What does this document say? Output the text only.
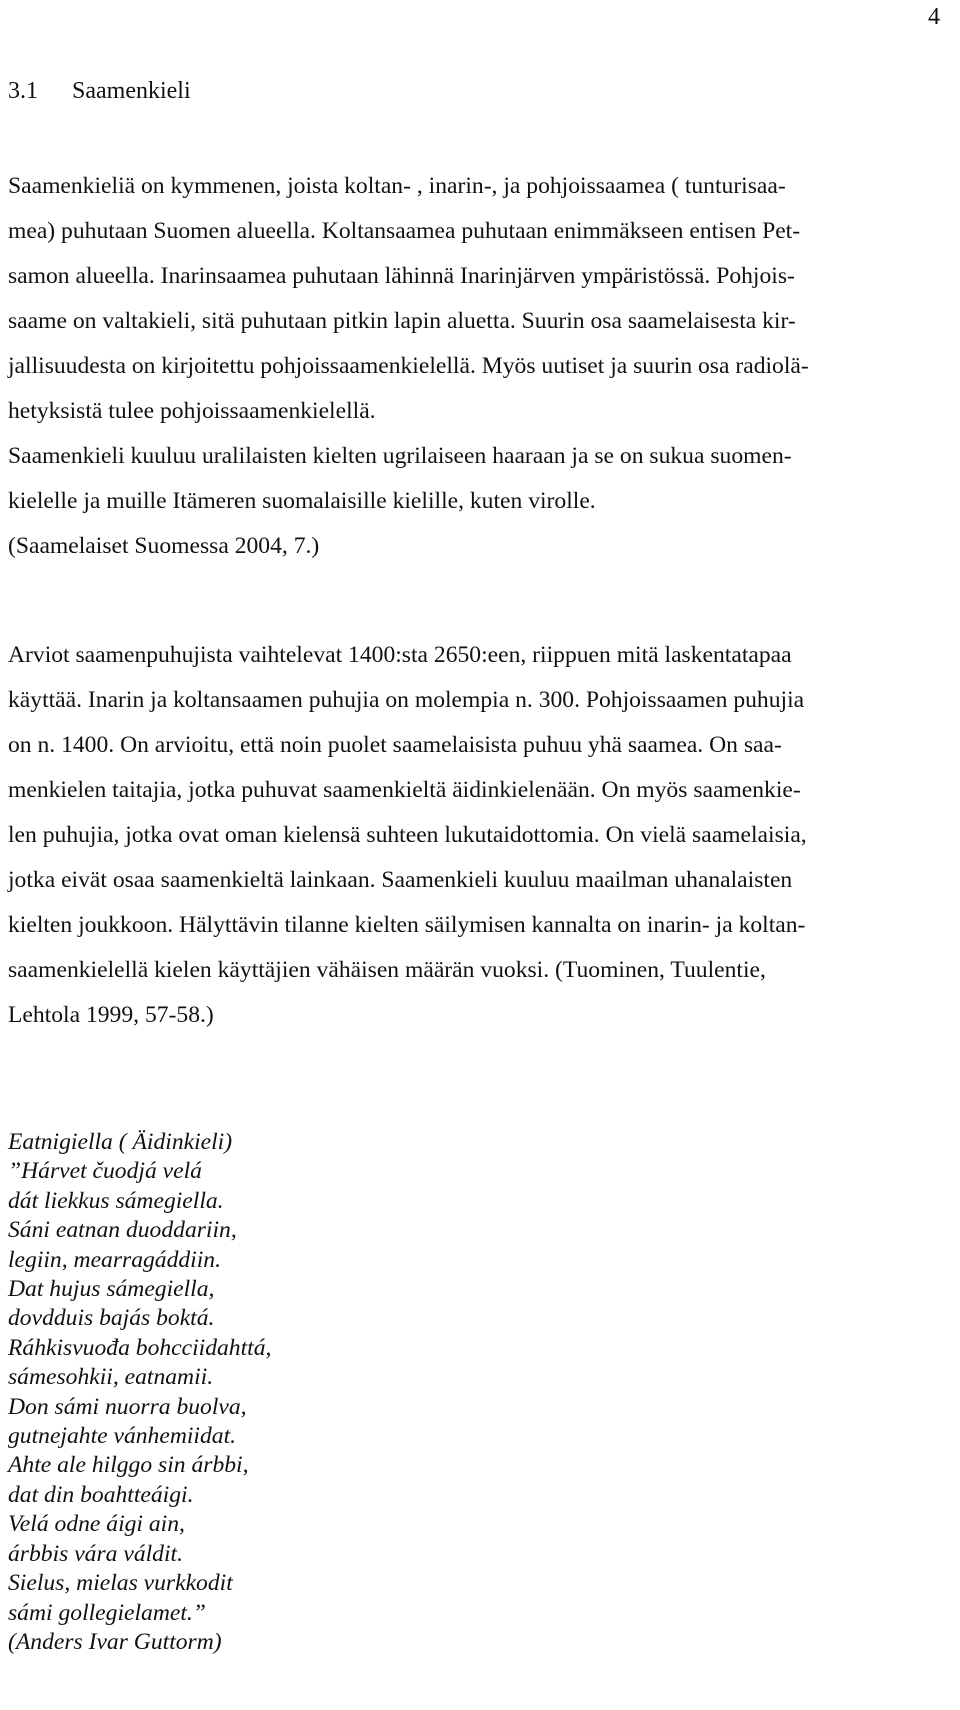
4
3.1 Saamenkieli
Saamenkieliä on kymmenen, joista koltan- , inarin-, ja pohjoissaamea ( tunturisaa-
mea) puhutaan Suomen alueella. Koltansaamea puhutaan enimmäkseen entisen Pet-
samon alueella. Inarinsaamea puhutaan lähinnä Inarinjärven ympäristössä. Pohjois-
saame on valtakieli, sitä puhutaan pitkin lapin aluetta. Suurin osa saamelaisesta kir-
jallisuudesta on kirjoitettu pohjoissaamenkielellä. Myös uutiset ja suurin osa radiolä-
hetyksistä tulee pohjoissaamenkielellä.
Saamenkieli kuuluu uralilaisten kielten ugrilaiseen haaraan ja se on sukua suomen-
kielelle ja muille Itämeren suomalaisille kielille, kuten virolle.
(Saamelaiset Suomessa 2004, 7.)
Arviot saamenpuhujista vaihtelevat 1400:sta 2650:een, riippuen mitä laskentatapaa
käyttää. Inarin ja koltansaamen puhujia on molempia n. 300. Pohjoissaamen puhujia
on n. 1400. On arvioitu, että noin puolet saamelaisista puhuu yhä saamea. On saa-
menkielen taitajia, jotka puhuvat saamenkieltä äidinkielenään. On myös saamenkie-
len puhujia, jotka ovat oman kielensä suhteen lukutaidottomia. On vielä saamelaisia,
jotka eivät osaa saamenkieltä lainkaan. Saamenkieli kuuluu maailman uhanalaisten
kielten joukkoon. Hälyttävin tilanne kielten säilymisen kannalta on inarin- ja koltan-
saamenkielellä kielen käyttäjien vähäisen määrän vuoksi. (Tuominen, Tuulentie,
Lehtola 1999, 57-58.)
Eatnigiella ( Äidinkieli)
”Hárvet čuodjá velá
dát liekkus sámegiella.
Sáni eatnan duoddariin,
legiin, mearragáddiin.
Dat hujus sámegiella,
dovdduis bajás boktá.
Ráhkisvuođa bohcciidahttá,
sámesohkii, eatnamii.
Don sámi nuorra buolva,
gutnejahte vánhemiidat.
Ahte ale hilggo sin árbbi,
dat din boahtteáigi.
Velá odne áigi ain,
árbbis vára váldit.
Sielus, mielas vurkkodit
sámi gollegielamet.”
(Anders Ivar Guttorm)
